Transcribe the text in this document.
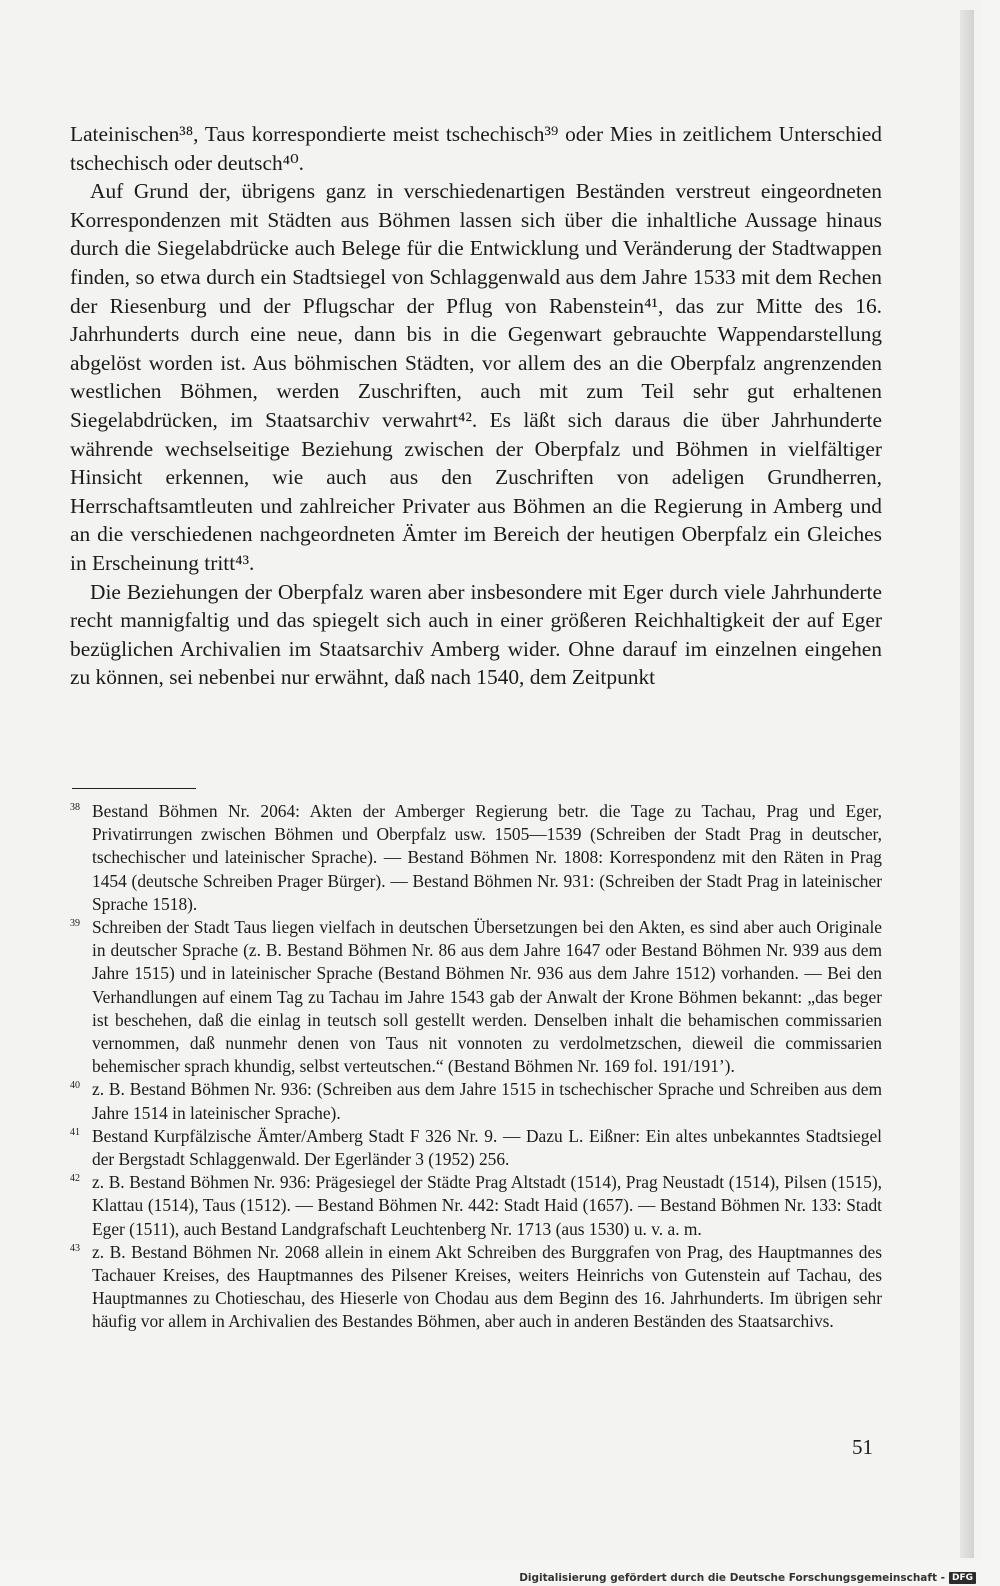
Lateinischen³⁸, Taus korrespondierte meist tschechisch³⁹ oder Mies in zeitlichem Unterschied tschechisch oder deutsch⁴⁰.

Auf Grund der, übrigens ganz in verschiedenartigen Beständen verstreut eingeordneten Korrespondenzen mit Städten aus Böhmen lassen sich über die inhaltliche Aussage hinaus durch die Siegelabdrücke auch Belege für die Entwicklung und Veränderung der Stadtwappen finden, so etwa durch ein Stadtsiegel von Schlaggenwald aus dem Jahre 1533 mit dem Rechen der Riesenburg und der Pflugschar der Pflug von Rabenstein⁴¹, das zur Mitte des 16. Jahrhunderts durch eine neue, dann bis in die Gegenwart gebrauchte Wappendarstellung abgelöst worden ist. Aus böhmischen Städten, vor allem des an die Oberpfalz angrenzenden westlichen Böhmen, werden Zuschriften, auch mit zum Teil sehr gut erhaltenen Siegelabdrücken, im Staatsarchiv verwahrt⁴². Es läßt sich daraus die über Jahrhunderte währende wechselseitige Beziehung zwischen der Oberpfalz und Böhmen in vielfältiger Hinsicht erkennen, wie auch aus den Zuschriften von adeligen Grundherren, Herrschaftsamtleuten und zahlreicher Privater aus Böhmen an die Regierung in Amberg und an die verschiedenen nachgeordneten Ämter im Bereich der heutigen Oberpfalz ein Gleiches in Erscheinung tritt⁴³.

Die Beziehungen der Oberpfalz waren aber insbesondere mit Eger durch viele Jahrhunderte recht mannigfaltig und das spiegelt sich auch in einer größeren Reichhaltigkeit der auf Eger bezüglichen Archivalien im Staatsarchiv Amberg wider. Ohne darauf im einzelnen eingehen zu können, sei nebenbei nur erwähnt, daß nach 1540, dem Zeitpunkt

38 Bestand Böhmen Nr. 2064: Akten der Amberger Regierung betr. die Tage zu Tachau, Prag und Eger, Privatirrungen zwischen Böhmen und Oberpfalz usw. 1505—1539 (Schreiben der Stadt Prag in deutscher, tschechischer und lateinischer Sprache). — Bestand Böhmen Nr. 1808: Korrespondenz mit den Räten in Prag 1454 (deutsche Schreiben Prager Bürger). — Bestand Böhmen Nr. 931: (Schreiben der Stadt Prag in lateinischer Sprache 1518).

39 Schreiben der Stadt Taus liegen vielfach in deutschen Übersetzungen bei den Akten, es sind aber auch Originale in deutscher Sprache (z. B. Bestand Böhmen Nr. 86 aus dem Jahre 1647 oder Bestand Böhmen Nr. 939 aus dem Jahre 1515) und in lateinischer Sprache (Bestand Böhmen Nr. 936 aus dem Jahre 1512) vorhanden. — Bei den Verhandlungen auf einem Tag zu Tachau im Jahre 1543 gab der Anwalt der Krone Böhmen bekannt: „das beger ist beschehen, daß die einlag in teutsch soll gestellt werden. Denselben inhalt die behamischen commissarien vernommen, daß nunmehr denen von Taus nit vonnoten zu verdolmetzschen, dieweil die commissarien behemischer sprach khundig, selbst verteutschen.“ (Bestand Böhmen Nr. 169 fol. 191/191’).

40 z. B. Bestand Böhmen Nr. 936: (Schreiben aus dem Jahre 1515 in tschechischer Sprache und Schreiben aus dem Jahre 1514 in lateinischer Sprache).

41 Bestand Kurpfälzische Ämter/Amberg Stadt F 326 Nr. 9. — Dazu L. Eißner: Ein altes unbekanntes Stadtsiegel der Bergstadt Schlaggenwald. Der Egerländer 3 (1952) 256.

42 z. B. Bestand Böhmen Nr. 936: Prägesiegel der Städte Prag Altstadt (1514), Prag Neustadt (1514), Pilsen (1515), Klattau (1514), Taus (1512). — Bestand Böhmen Nr. 442: Stadt Haid (1657). — Bestand Böhmen Nr. 133: Stadt Eger (1511), auch Bestand Landgrafschaft Leuchtenberg Nr. 1713 (aus 1530) u. v. a. m.

43 z. B. Bestand Böhmen Nr. 2068 allein in einem Akt Schreiben des Burggrafen von Prag, des Hauptmannes des Tachauer Kreises, des Hauptmannes des Pilsener Kreises, weiters Heinrichs von Gutenstein auf Tachau, des Hauptmannes zu Chotieschau, des Hieserle von Chodau aus dem Beginn des 16. Jahrhunderts. Im übrigen sehr häufig vor allem in Archivalien des Bestandes Böhmen, aber auch in anderen Beständen des Staatsarchivs.

51
Digitalisierung gefördert durch die Deutsche Forschungsgemeinschaft - DFG
